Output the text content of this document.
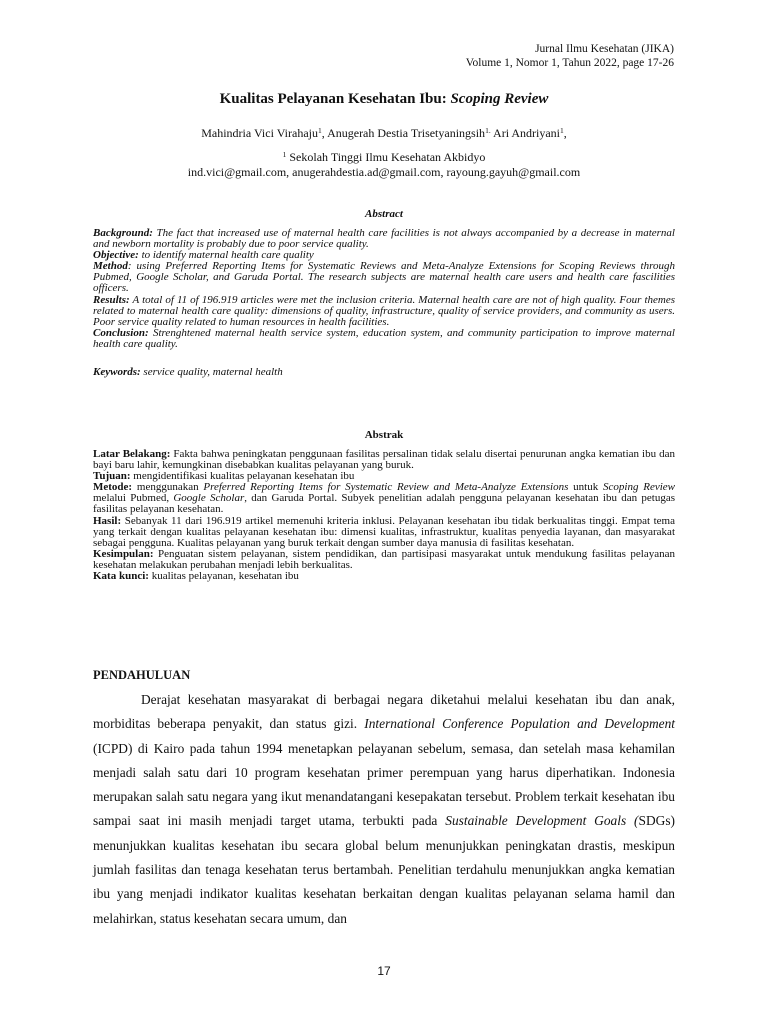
Jurnal Ilmu Kesehatan (JIKA)
Volume 1, Nomor 1, Tahun 2022, page 17-26
Kualitas Pelayanan Kesehatan Ibu: Scoping Review
Mahindria Vici Virahaju$^1$, Anugerah Destia Trisetyaningsih$^{1.}$ Ari Andriyani$^1$,
$^1$ Sekolah Tinggi Ilmu Kesehatan Akbidyo
ind.vici@gmail.com, anugerahdestia.ad@gmail.com, rayoung.gayuh@gmail.com
Abstract

Background: The fact that increased use of maternal health care facilities is not always accompanied by a decrease in maternal and newborn mortality is probably due to poor service quality.

Objective: to identify maternal health care quality

Method: using Preferred Reporting Items for Systematic Reviews and Meta-Analyze Extensions for Scoping Reviews through Pubmed, Google Scholar, and Garuda Portal. The research subjects are maternal health care users and health care fascilities officers.

Results: A total of 11 of 196.919 articles were met the inclusion criteria. Maternal health care are not of high quality. Four themes related to maternal health care quality: dimensions of quality, infrastructure, quality of service providers, and community as users. Poor service quality related to human resources in health facilities.

Conclusion: Strenghtened maternal health service system, education system, and community participation to improve maternal health care quality.

Keywords: service quality, maternal health

Abstrak

Latar Belakang: Fakta bahwa peningkatan penggunaan fasilitas persalinan tidak selalu disertai penurunan angka kematian ibu dan bayi baru lahir, kemungkinan disebabkan kualitas pelayanan yang buruk.

Tujuan: mengidentifikasi kualitas pelayanan kesehatan ibu

Metode: menggunakan Preferred Reporting Items for Systematic Review and Meta-Analyze Extensions untuk Scoping Review melalui Pubmed, Google Scholar, dan Garuda Portal. Subyek penelitian adalah pengguna pelayanan kesehatan ibu dan petugas fasilitas pelayanan kesehatan.

Hasil: Sebanyak 11 dari 196.919 artikel memenuhi kriteria inklusi. Pelayanan kesehatan ibu tidak berkualitas tinggi. Empat tema yang terkait dengan kualitas pelayanan kesehatan ibu: dimensi kualitas, infrastruktur, kualitas penyedia layanan, dan masyarakat sebagai pengguna. Kualitas pelayanan yang buruk terkait dengan sumber daya manusia di fasilitas kesehatan.

Kesimpulan: Penguatan sistem pelayanan, sistem pendidikan, dan partisipasi masyarakat untuk mendukung fasilitas pelayanan kesehatan melakukan perubahan menjadi lebih berkualitas.

Kata kunci: kualitas pelayanan, kesehatan ibu

PENDAHULUAN

Derajat kesehatan masyarakat di berbagai negara diketahui melalui kesehatan ibu dan anak, morbiditas beberapa penyakit, dan status gizi. International Conference Population and Development (ICPD) di Kairo pada tahun 1994 menetapkan pelayanan sebelum, semasa, dan setelah masa kehamilan menjadi salah satu dari 10 program kesehatan primer perempuan yang harus diperhatikan. Indonesia merupakan salah satu negara yang ikut menandatangani kesepakatan tersebut. Problem terkait kesehatan ibu sampai saat ini masih menjadi target utama, terbukti pada Sustainable Development Goals (SDGs) menunjukkan kualitas kesehatan ibu secara global belum menunjukkan peningkatan drastis, meskipun jumlah fasilitas dan tenaga kesehatan terus bertambah. Penelitian terdahulu menunjukkan angka kematian ibu yang menjadi indikator kualitas kesehatan berkaitan dengan kualitas pelayanan selama hamil dan melahirkan, status kesehatan secara umum, dan

17
